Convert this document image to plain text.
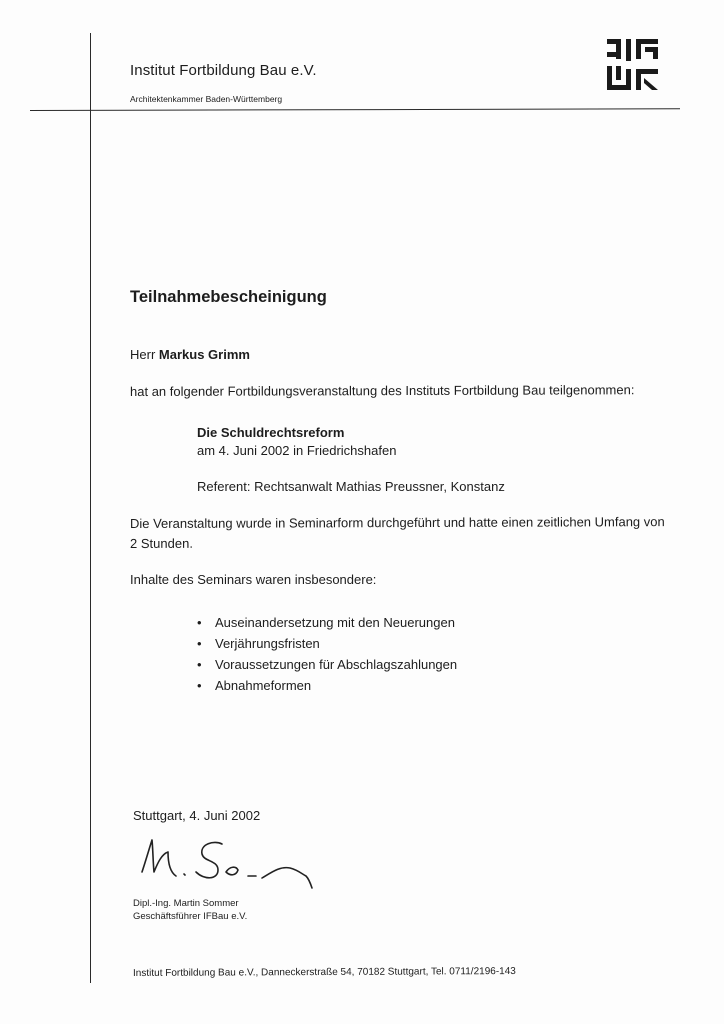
Institut Fortbildung Bau e.V.
Architektenkammer Baden-Württemberg
Teilnahmebescheinigung
Herr Markus Grimm
hat an folgender Fortbildungsveranstaltung des Instituts Fortbildung Bau teilgenommen:
Die Schuldrechtsreform
am 4. Juni 2002 in Friedrichshafen
Referent: Rechtsanwalt Mathias Preussner, Konstanz
Die Veranstaltung wurde in Seminarform durchgeführt und hatte einen zeitlichen Umfang von 2 Stunden.
Inhalte des Seminars waren insbesondere:
• Auseinandersetzung mit den Neuerungen
• Verjährungsfristen
• Voraussetzungen für Abschlagszahlungen
• Abnahmeformen
Stuttgart, 4. Juni 2002
Dipl.-Ing. Martin Sommer
Geschäftsführer IFBau e.V.
Institut Fortbildung Bau e.V., Danneckerstraße 54, 70182 Stuttgart, Tel. 0711/2196-143
